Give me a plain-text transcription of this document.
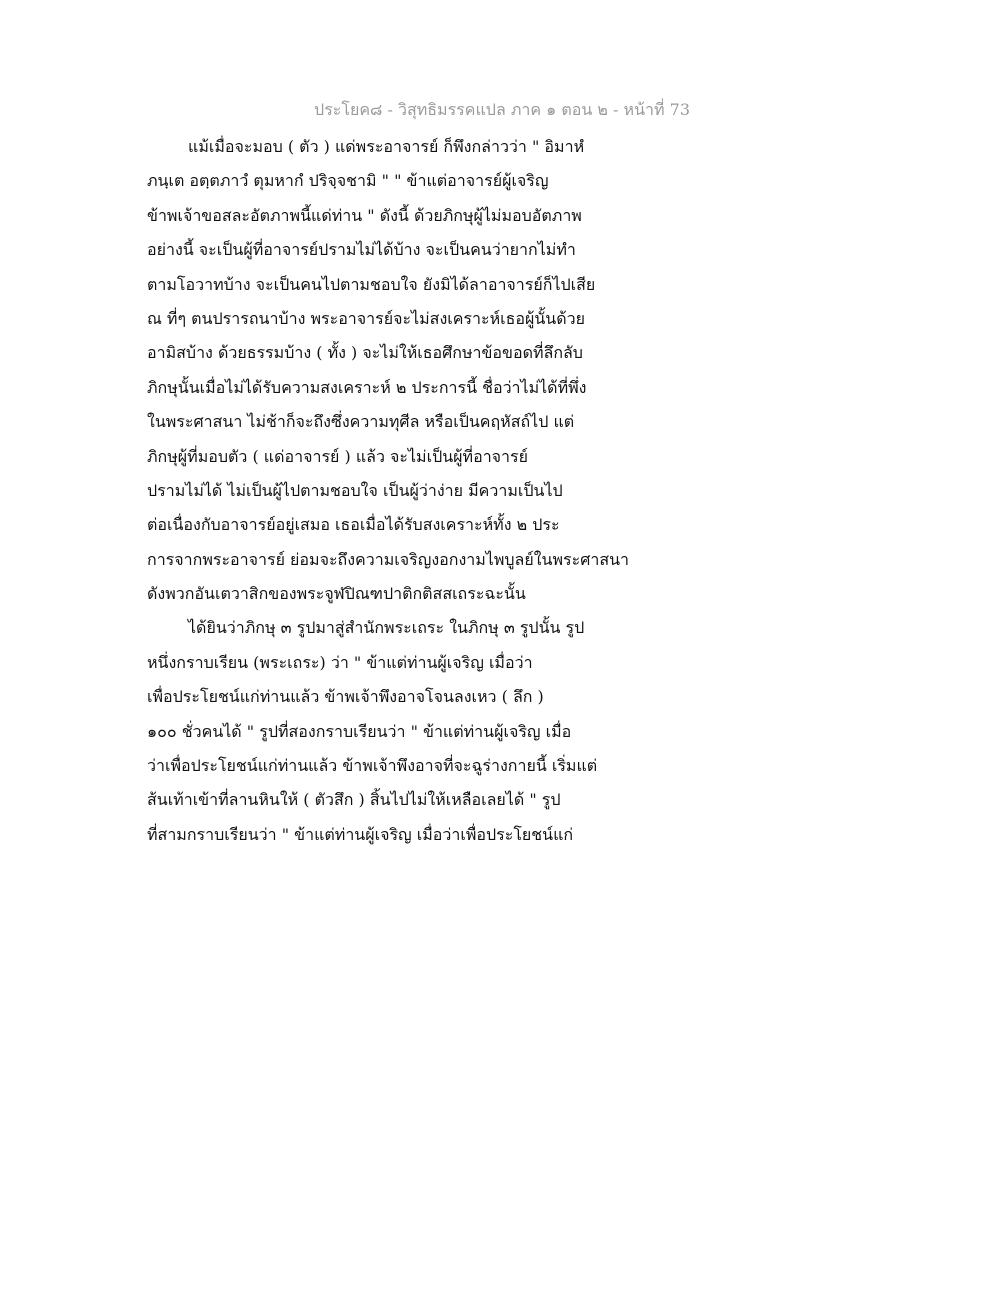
ประโยค๘ - วิสุทธิมรรคแปล ภาค ๑ ตอน ๒ - หน้าที่ 73
แม้เมื่อจะมอบ ( ตัว ) แด่พระอาจารย์ ก็พึงกล่าวว่า " อิมาหํ
ภนฺเต อตฺตภาวํ ตุมหากํ ปริจฺจชามิ " " ข้าแต่อาจารย์ผู้เจริญ
ข้าพเจ้าขอสละอัตภาพนี้แด่ท่าน " ดังนี้ ด้วยภิกษุผู้ไม่มอบอัตภาพ
อย่างนี้ จะเป็นผู้ที่อาจารย์ปรามไม่ได้บ้าง จะเป็นคนว่ายากไม่ทำ
ตามโอวาทบ้าง จะเป็นคนไปตามชอบใจ ยังมิได้ลาอาจารย์ก็ไปเสีย
ณ ที่ๆ ตนปรารถนาบ้าง พระอาจารย์จะไม่สงเคราะห์เธอผู้นั้นด้วย
อามิสบ้าง ด้วยธรรมบ้าง ( ทั้ง ) จะไม่ให้เธอศึกษาข้อขอดที่ลึกลับ
ภิกษุนั้นเมื่อไม่ได้รับความสงเคราะห์ ๒ ประการนี้ ชื่อว่าไม่ได้ที่พึ่ง
ในพระศาสนา ไม่ช้าก็จะถึงซึ่งความทุศีล หรือเป็นคฤหัสถ์ไป แต่
ภิกษุผู้ที่มอบตัว ( แด่อาจารย์ ) แล้ว จะไม่เป็นผู้ที่อาจารย์
ปรามไม่ได้ ไม่เป็นผู้ไปตามชอบใจ เป็นผู้ว่าง่าย มีความเป็นไป
ต่อเนื่องกับอาจารย์อยู่เสมอ เธอเมื่อได้รับสงเคราะห์ทั้ง ๒ ประ
การจากพระอาจารย์ ย่อมจะถึงความเจริญงอกงามไพบูลย์ในพระศาสนา
ดังพวกอันเตวาสิกของพระจูฬปิณฑปาติกติสสเถระฉะนั้น
ได้ยินว่าภิกษุ ๓ รูปมาสู่สำนักพระเถระ ในภิกษุ ๓ รูปนั้น รูป
หนึ่งกราบเรียน (พระเถระ) ว่า " ข้าแต่ท่านผู้เจริญ เมื่อว่า
เพื่อประโยชน์แก่ท่านแล้ว ข้าพเจ้าพึงอาจโจนลงเหว ( ลึก )
๑๐๐ ชั่วคนได้ " รูปที่สองกราบเรียนว่า " ข้าแต่ท่านผู้เจริญ เมื่อ
ว่าเพื่อประโยชน์แก่ท่านแล้ว ข้าพเจ้าพึงอาจที่จะฉูร่างกายนี้ เริ่มแต่
ส้นเท้าเข้าที่ลานหินให้ ( ตัวสึก ) สิ้นไปไม่ให้เหลือเลยได้ " รูป
ที่สามกราบเรียนว่า " ข้าแต่ท่านผู้เจริญ เมื่อว่าเพื่อประโยชน์แก่
